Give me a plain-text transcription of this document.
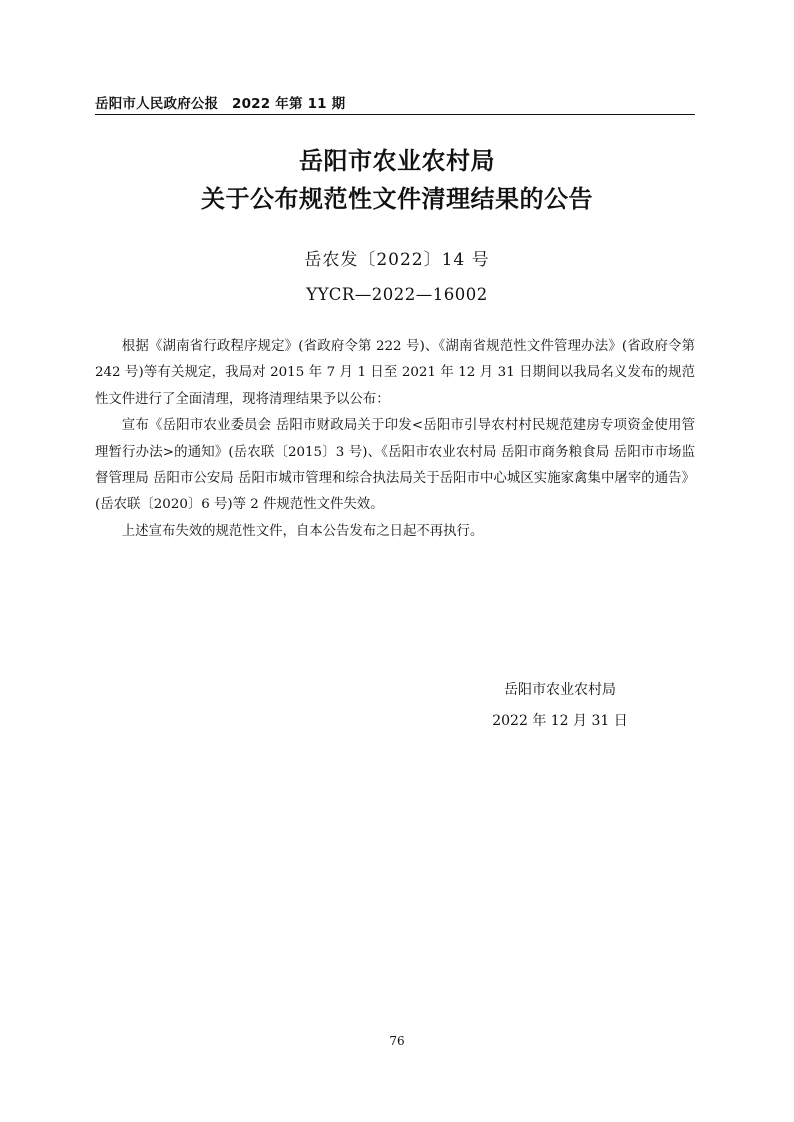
岳阳市人民政府公报　2022 年第 11 期
岳阳市农业农村局
关于公布规范性文件清理结果的公告
岳农发〔2022〕14 号
YYCR—2022—16002

根据《湖南省行政程序规定》(省政府令第 222 号)、《湖南省规范性文件管理办法》(省政府令第 242 号)等有关规定，我局对 2015 年 7 月 1 日至 2021 年 12 月 31 日期间以我局名义发布的规范性文件进行了全面清理，现将清理结果予以公布：

宣布《岳阳市农业委员会 岳阳市财政局关于印发<岳阳市引导农村村民规范建房专项资金使用管理暂行办法>的通知》(岳农联〔2015〕3 号)、《岳阳市农业农村局 岳阳市商务粮食局 岳阳市市场监督管理局 岳阳市公安局 岳阳市城市管理和综合执法局关于岳阳市中心城区实施家禽集中屠宰的通告》(岳农联〔2020〕6 号)等 2 件规范性文件失效。

上述宣布失效的规范性文件，自本公告发布之日起不再执行。

岳阳市农业农村局
2022 年 12 月 31 日
76
